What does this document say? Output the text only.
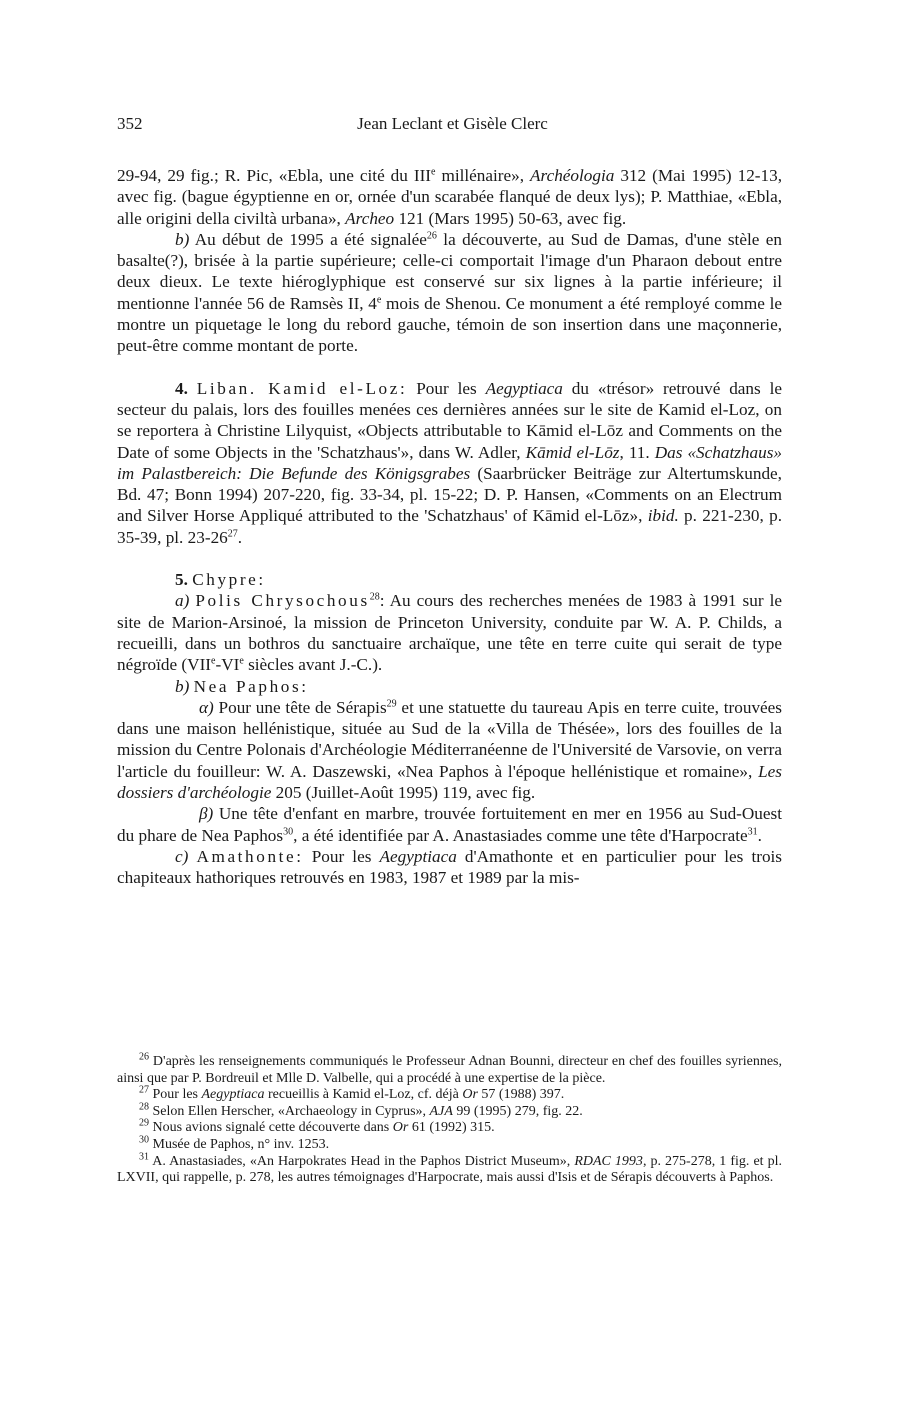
352	Jean Leclant et Gisèle Clerc

29-94, 29 fig.; R. Pic, «Ebla, une cité du IIIe millénaire», Archéologia 312 (Mai 1995) 12-13, avec fig. (bague égyptienne en or, ornée d'un scarabée flanqué de deux lys); P. Matthiae, «Ebla, alle origini della civiltà urbana», Archeo 121 (Mars 1995) 50-63, avec fig.

b) Au début de 1995 a été signalée$^{26}$ la découverte, au Sud de Damas, d'une stèle en basalte(?), brisée à la partie supérieure; celle-ci comportait l'image d'un Pharaon debout entre deux dieux. Le texte hiéroglyphique est conservé sur six lignes à la partie inférieure; il mentionne l'année 56 de Ramsès II, 4e mois de Shenou. Ce monument a été remployé comme le montre un piquetage le long du rebord gauche, témoin de son insertion dans une maçonnerie, peut-être comme montant de porte.

4. Liban. Kamid el-Loz: Pour les Aegyptiaca du «trésor» retrouvé dans le secteur du palais, lors des fouilles menées ces dernières années sur le site de Kamid el-Loz, on se reportera à Christine Lilyquist, «Objects attributable to Kāmid el-Lōz and Comments on the Date of some Objects in the 'Schatzhaus'», dans W. Adler, Kāmid el-Lōz, 11. Das «Schatzhaus» im Palastbereich: Die Befunde des Königsgrabes (Saarbrücker Beiträge zur Altertumskunde, Bd. 47; Bonn 1994) 207-220, fig. 33-34, pl. 15-22; D. P. Hansen, «Comments on an Electrum and Silver Horse Appliqué attributed to the 'Schatzhaus' of Kāmid el-Lōz», ibid. p. 221-230, p. 35-39, pl. $23-26^{27}$.

5. Chypre:

a) Polis Chrysochous$^{28}$: Au cours des recherches menées de 1983 à 1991 sur le site de Marion-Arsinoé, la mission de Princeton University, conduite par W. A. P. Childs, a recueilli, dans un bothros du sanctuaire archaïque, une tête en terre cuite qui serait de type négroïde (VIIe-VIe siècles avant J.-C.).

b) Nea Paphos:

α) Pour une tête de Sérapis$^{29}$ et une statuette du taureau Apis en terre cuite, trouvées dans une maison hellénistique, située au Sud de la «Villa de Thésée», lors des fouilles de la mission du Centre Polonais d'Archéologie Méditerranéenne de l'Université de Varsovie, on verra l'article du fouilleur: W. A. Daszewski, «Nea Paphos à l'époque hellénistique et romaine», Les dossiers d'archéologie 205 (Juillet-Août 1995) 119, avec fig.

β) Une tête d'enfant en marbre, trouvée fortuitement en mer en 1956 au Sud-Ouest du phare de Nea Paphos$^{30}$, a été identifiée par A. Anastasiades comme une tête d'Harpocrate$^{31}$.

c) Amathonte: Pour les Aegyptiaca d'Amathonte et en particulier pour les trois chapiteaux hathoriques retrouvés en 1983, 1987 et 1989 par la mis-

$^{26}$ D'après les renseignements communiqués le Professeur Adnan Bounni, directeur en chef des fouilles syriennes, ainsi que par P. Bordreuil et Mlle D. Valbelle, qui a procédé à une expertise de la pièce.

$^{27}$ Pour les Aegyptiaca recueillis à Kamid el-Loz, cf. déjà Or 57 (1988) 397.

$^{28}$ Selon Ellen Herscher, «Archaeology in Cyprus», AJA 99 (1995) 279, fig. 22.

$^{29}$ Nous avions signalé cette découverte dans Or 61 (1992) 315.

$^{30}$ Musée de Paphos, n° inv. 1253.

$^{31}$ A. Anastasiades, «An Harpokrates Head in the Paphos District Museum», RDAC 1993, p. 275-278, 1 fig. et pl. LXVII, qui rappelle, p. 278, les autres témoignages d'Harpocrate, mais aussi d'Isis et de Sérapis découverts à Paphos.
